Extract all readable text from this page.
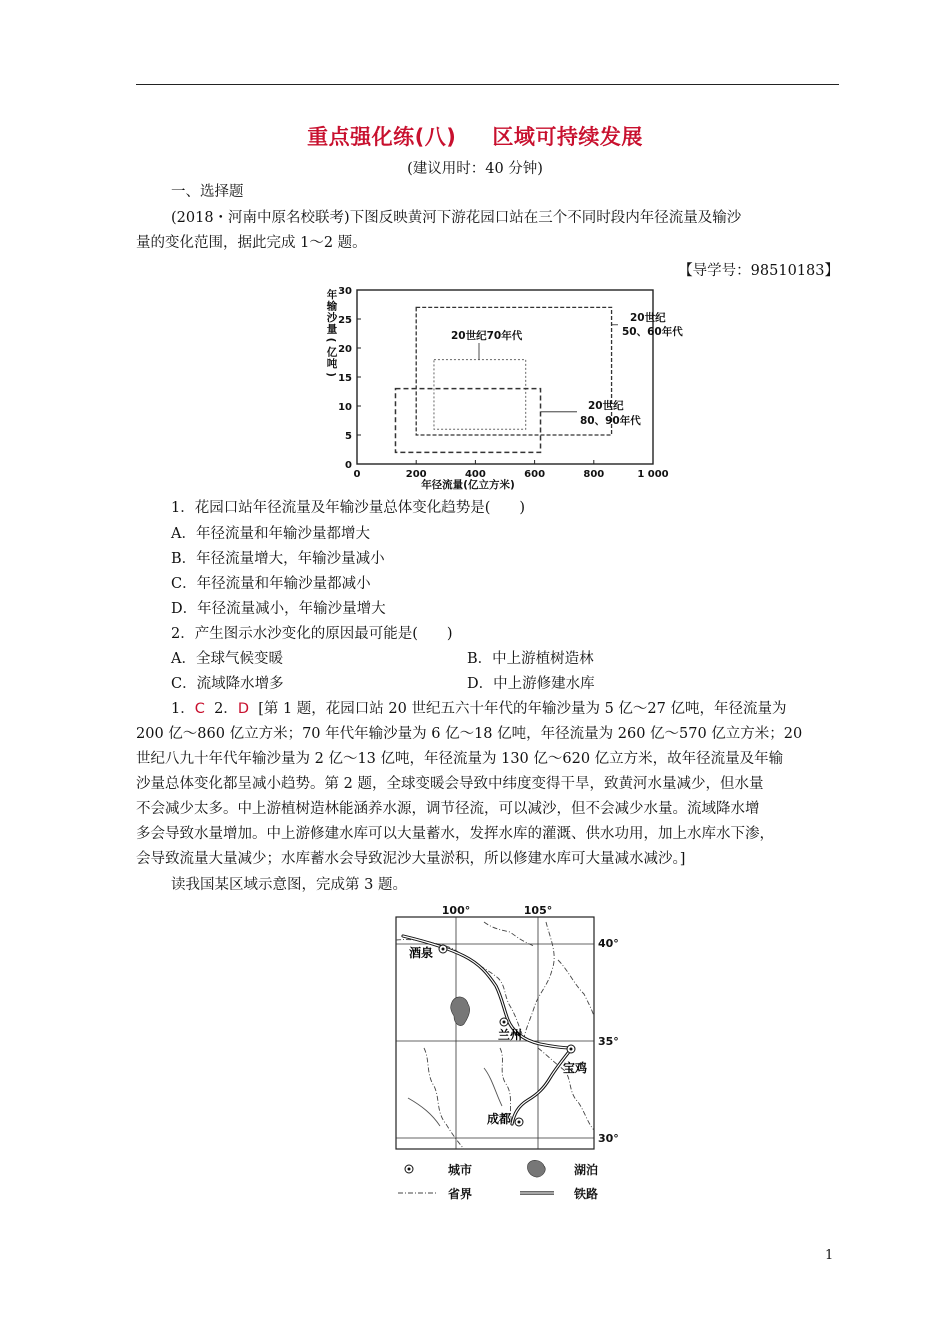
重点强化练(八) 区域可持续发展
(建议用时：40 分钟)
一、选择题
(2018・河南中原名校联考)下图反映黄河下游花园口站在三个不同时段内年径流量及输沙
量的变化范围，据此完成 1～2 题。
【导学号：98510183】
0	200	400	600	800	1 000
0
5
10
15
20
25
30
年径流量(亿立方米)
年
输
沙
量
(
亿
吨
)
20世纪
50、60年代
20世纪70年代
20世纪
80、90年代
1．花园口站年径流量及年输沙量总体变化趋势是(　　)
A．年径流量和年输沙量都增大
B．年径流量增大，年输沙量减小
C．年径流量和年输沙量都减小
D．年径流量减小，年输沙量增大
2．产生图示水沙变化的原因最可能是(　　)
A．全球气候变暖	B．中上游植树造林
C．流域降水增多	D．中上游修建水库
1．C 2．D [第 1 题，花园口站 20 世纪五六十年代的年输沙量为 5 亿～27 亿吨，年径流量为
200 亿～860 亿立方米；70 年代年输沙量为 6 亿～18 亿吨，年径流量为 260 亿～570 亿立方米；20
世纪八九十年代年输沙量为 2 亿～13 亿吨，年径流量为 130 亿～620 亿立方米，故年径流量及年输
沙量总体变化都呈减小趋势。第 2 题，全球变暖会导致中纬度变得干旱，致黄河水量减少，但水量
不会减少太多。中上游植树造林能涵养水源，调节径流，可以减沙，但不会减少水量。流域降水增
多会导致水量增加。中上游修建水库可以大量蓄水，发挥水库的灌溉、供水功用，加上水库水下渗，
会导致流量大量减少；水库蓄水会导致泥沙大量淤积，所以修建水库可大量减水减沙。]
读我国某区域示意图，完成第 3 题。
100°	105°
40°
35°
30°
酒泉
兰州
宝鸡
成都
城市	湖泊
省界	铁路
1
